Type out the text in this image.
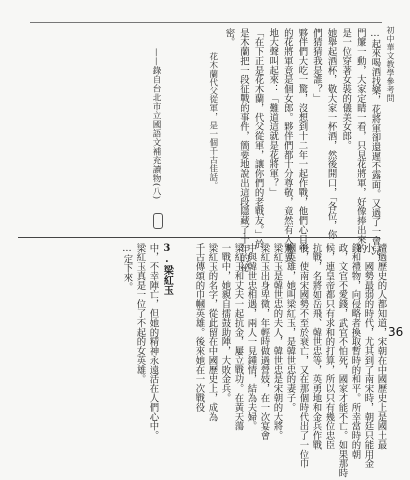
初中華文教學參考問
…起來喝酒找樂，花將軍卻還遲不露面。又過了一會兒，
門簾一動，大家定睛一看，只見花將軍，好像捧出來的
是一位穿著女裝的儀美女郎。
她舉起酒杯，敬大家一杯酒，然後開口，「各位，你
們猜猜我是誰？」
夥伴們大吃一驚，沒想到十二年一起作戰，他們心目中
的花將軍竟是個女郎。夥伴們都十分尊敬，竟然有人驚異
地大聲叫起來：「難道這就是花將軍？」
「在下正是花木蘭，代父從軍，讓你們的老戰友。」於
是木蘭把一段征戰的事件，簡要地說出這段隱藏了十年的祕
密。
花木蘭代父從軍，是一個千古佳話。
——錄自台北市立國語文補充讀物(八)
3.梁紅玉	讀過歷史的人都知道，宋朝在中國歷史上是國土最
小、國勢最弱的時代，尤其到了南宋時，朝廷只能用金
錢和禮物，向侵略者換取暫時的和平。所幸當時的朝
政，文官不愛錢，武官不怕死，國家才能不亡。如果那時
候，連皇帝都只有求和的打算，所以只有幾位忠臣
抗戰，名將如岳飛、韓世忠等，英勇地和金兵作戰
後，使南宋國勢不至於衰亡，又在那個時代出了一位巾
幗英雄，她叫梁紅玉，是韓世忠的妻子。
梁紅玉是韓世忠的夫人，韓世忠是宋朝的大將。
梁紅玉出身卑微，年輕時做過營妓，在一次宴會
中與韓世忠相遇，兩人一見鍾情，結為夫婦。
梁紅玉和丈夫一起抗金，屢立戰功。在黃天蕩
一戰中，她親自擂鼓助陣，大敗金兵。
梁紅玉的名字，從此留在中國歷史上，成為
千古傳頌的巾幗英雄。後來她在一次戰役
中，不幸陣亡，但她的精神永遠活在人們心中。
梁紅玉真是一位了不起的女英雄。
…定下來。
36
